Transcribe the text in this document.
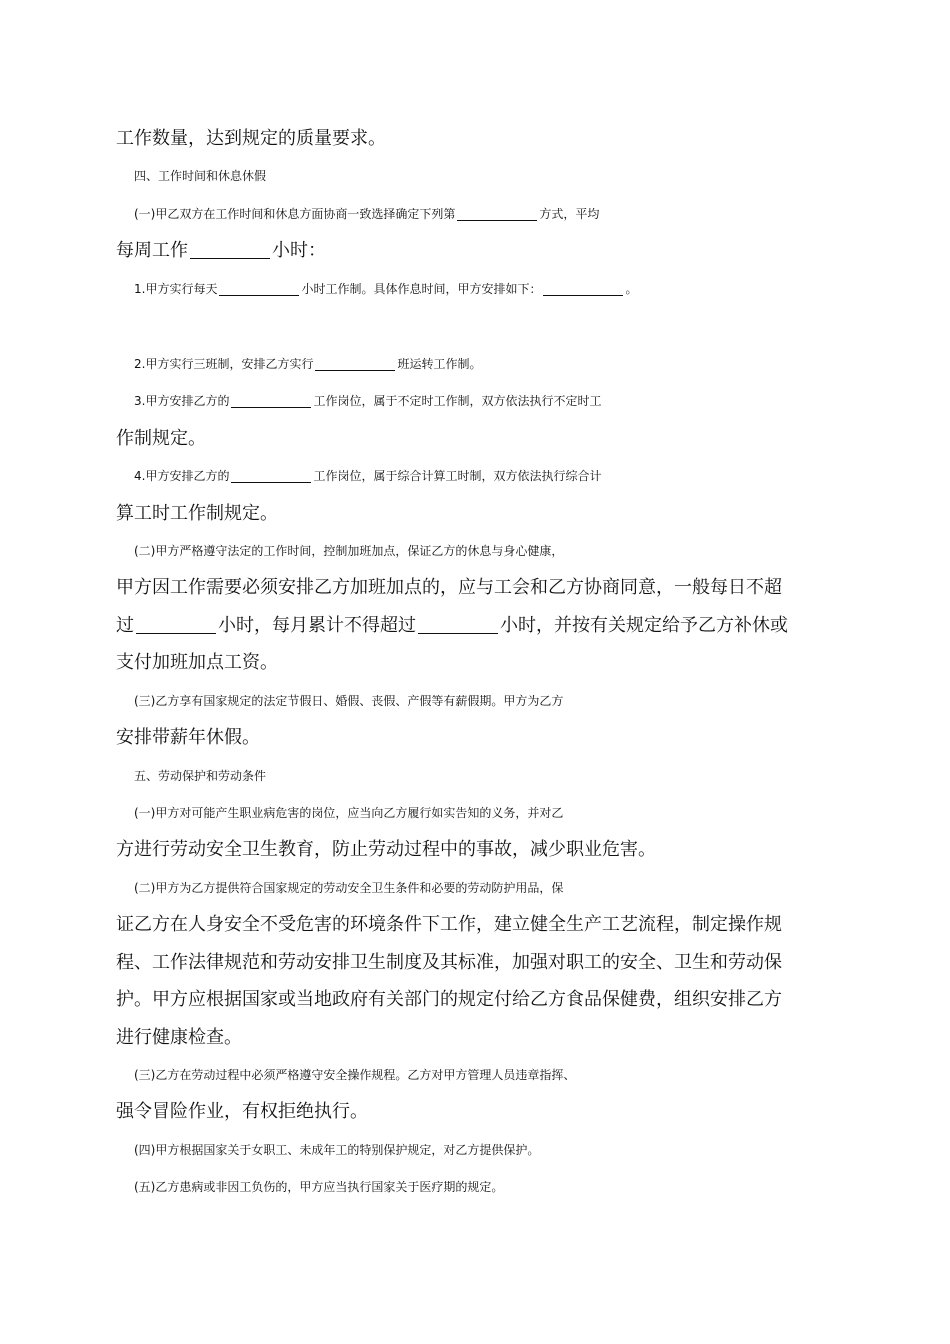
工作数量，达到规定的质量要求。
四、工作时间和休息休假
(一)甲乙双方在工作时间和休息方面协商一致选择确定下列第	方式，平均
每周工作	小时：
1.甲方实行每天	小时工作制。具体作息时间，甲方安排如下：	。
2.甲方实行三班制，安排乙方实行	班运转工作制。
3.甲方安排乙方的	工作岗位，属于不定时工作制，双方依法执行不定时工
作制规定。
4.甲方安排乙方的	工作岗位，属于综合计算工时制，双方依法执行综合计
算工时工作制规定。
(二)甲方严格遵守法定的工作时间，控制加班加点，保证乙方的休息与身心健康，
甲方因工作需要必须安排乙方加班加点的，应与工会和乙方协商同意，一般每日不超
过	小时，每月累计不得超过	小时，并按有关规定给予乙方补休或
支付加班加点工资。
(三)乙方享有国家规定的法定节假日、婚假、丧假、产假等有薪假期。甲方为乙方
安排带薪年休假。
五、劳动保护和劳动条件
(一)甲方对可能产生职业病危害的岗位，应当向乙方履行如实告知的义务，并对乙
方进行劳动安全卫生教育，防止劳动过程中的事故，减少职业危害。
(二)甲方为乙方提供符合国家规定的劳动安全卫生条件和必要的劳动防护用品，保
证乙方在人身安全不受危害的环境条件下工作，建立健全生产工艺流程，制定操作规
程、工作法律规范和劳动安排卫生制度及其标准，加强对职工的安全、卫生和劳动保
护。甲方应根据国家或当地政府有关部门的规定付给乙方食品保健费，组织安排乙方
进行健康检查。
(三)乙方在劳动过程中必须严格遵守安全操作规程。乙方对甲方管理人员违章指挥、
强令冒险作业，有权拒绝执行。
(四)甲方根据国家关于女职工、未成年工的特别保护规定，对乙方提供保护。
(五)乙方患病或非因工负伤的，甲方应当执行国家关于医疗期的规定。
